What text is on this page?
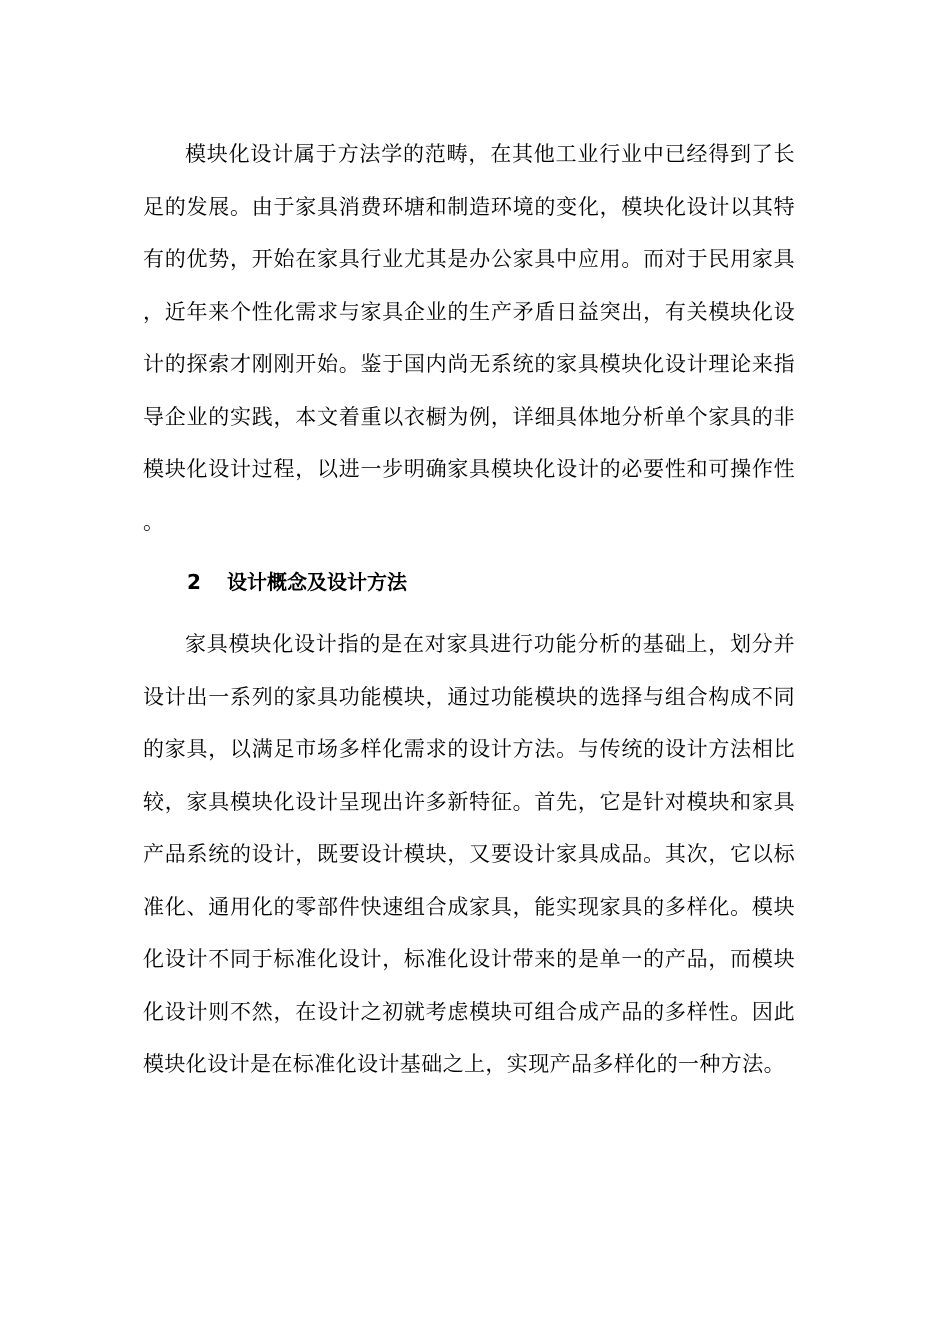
模块化设计属于方法学的范畴，在其他工业行业中已经得到了长足的发展。由于家具消费环塘和制造环境的变化，模块化设计以其特有的优势，开始在家具行业尤其是办公家具中应用。而对于民用家具，近年来个性化需求与家具企业的生产矛盾日益突出，有关模块化设计的探索才刚刚开始。鉴于国内尚无系统的家具模块化设计理论来指导企业的实践，本文着重以衣橱为例，详细具体地分析单个家具的非模块化设计过程，以进一步明确家具模块化设计的必要性和可操作性。

2 设计概念及设计方法

家具模块化设计指的是在对家具进行功能分析的基础上，划分并设计出一系列的家具功能模块，通过功能模块的选择与组合构成不同的家具，以满足市场多样化需求的设计方法。与传统的设计方法相比较，家具模块化设计呈现出许多新特征。首先，它是针对模块和家具产品系统的设计，既要设计模块，又要设计家具成品。其次，它以标准化、通用化的零部件快速组合成家具，能实现家具的多样化。模块化设计不同于标准化设计，标准化设计带来的是单一的产品，而模块化设计则不然，在设计之初就考虑模块可组合成产品的多样性。因此模块化设计是在标准化设计基础之上，实现产品多样化的一种方法。
